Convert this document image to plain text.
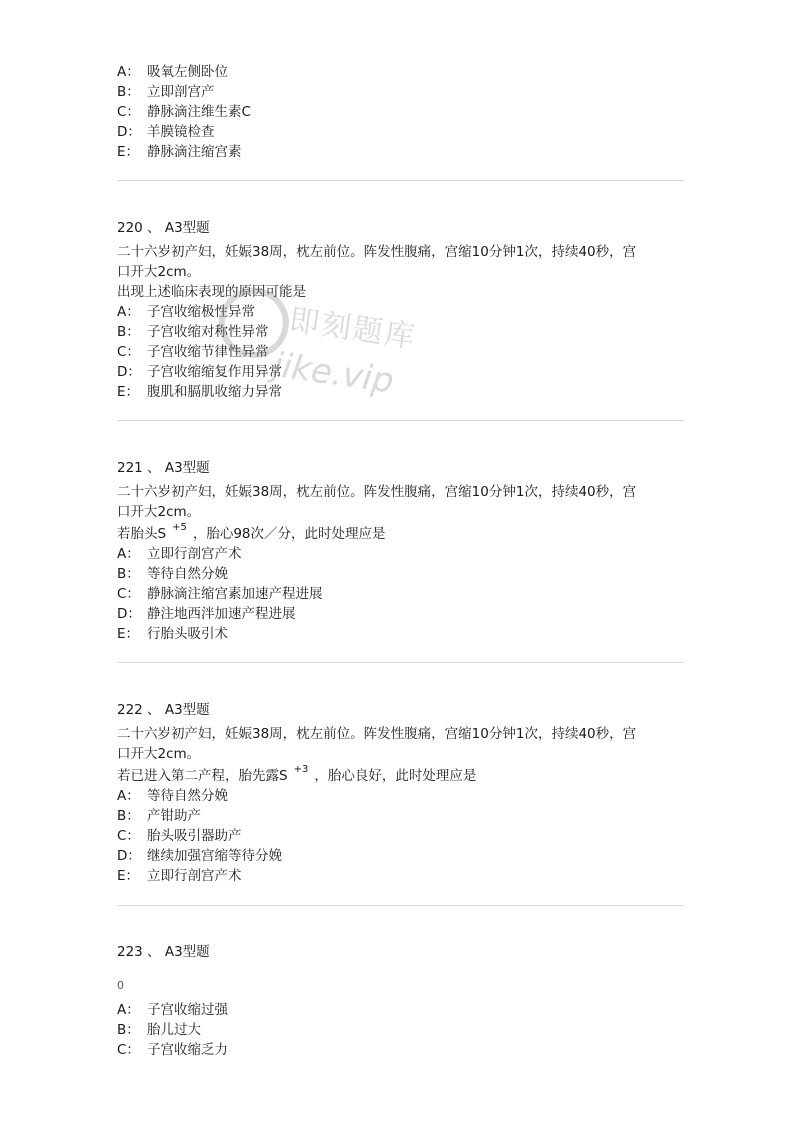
A： 吸氧左侧卧位
B： 立即剖宫产
C： 静脉滴注维生素C
D： 羊膜镜检查
E： 静脉滴注缩宫素
220 、 A3型题
二十六岁初产妇，妊娠38周，枕左前位。阵发性腹痛，宫缩10分钟1次，持续40秒，宫
口开大2cm。
出现上述临床表现的原因可能是
A： 子宫收缩极性异常
B： 子宫收缩对称性异常
C： 子宫收缩节律性异常
D： 子宫收缩缩复作用异常
E： 腹肌和膈肌收缩力异常
221 、 A3型题
二十六岁初产妇，妊娠38周，枕左前位。阵发性腹痛，宫缩10分钟1次，持续40秒，宫
口开大2cm。
若胎头S $^{+5}$ ，胎心98次／分，此时处理应是
A： 立即行剖宫产术
B： 等待自然分娩
C： 静脉滴注缩宫素加速产程进展
D： 静注地西泮加速产程进展
E： 行胎头吸引术
222 、 A3型题
二十六岁初产妇，妊娠38周，枕左前位。阵发性腹痛，宫缩10分钟1次，持续40秒，宫
口开大2cm。
若已进入第二产程，胎先露S $^{+3}$ ，胎心良好，此时处理应是
A： 等待自然分娩
B： 产钳助产
C： 胎头吸引器助产
D： 继续加强宫缩等待分娩
E： 立即行剖宫产术
223 、 A3型题
0
A： 子宫收缩过强
B： 胎儿过大
C： 子宫收缩乏力
即刻题库
jike.vip
